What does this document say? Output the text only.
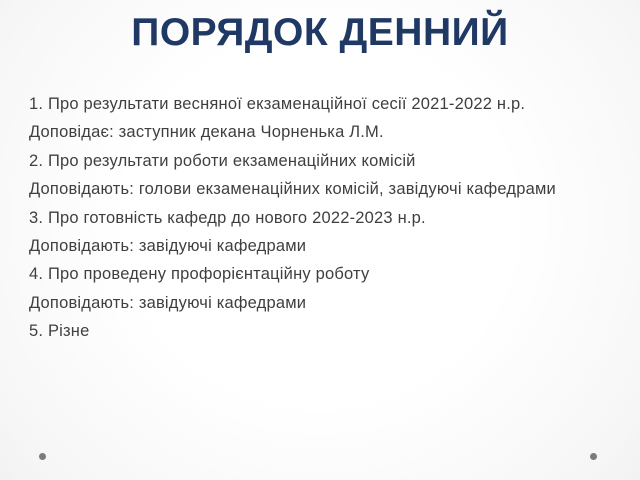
ПОРЯДОК ДЕННИЙ

1. Про результати весняної екзаменаційної сесії 2021-2022 н.р.

Доповідає: заступник декана Чорненька Л.М.

2. Про результати роботи екзаменаційних комісій

Доповідають: голови екзаменаційних комісій, завідуючі кафедрами

3. Про готовність кафедр до нового 2022-2023 н.р.

Доповідають: завідуючі кафедрами

4. Про проведену профорієнтаційну роботу

Доповідають: завідуючі кафедрами

5. Різне
